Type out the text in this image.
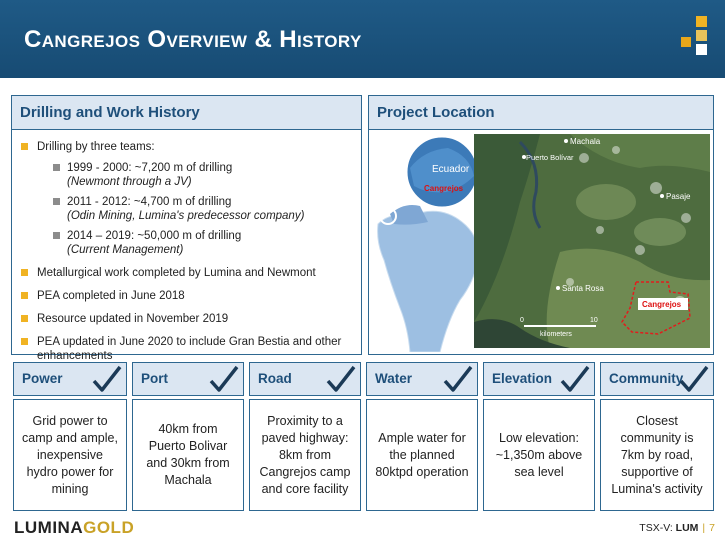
Cangrejos Overview & History
Drilling and Work History
Drilling by three teams:
1999 - 2000: ~7,200 m of drilling
(Newmont through a JV)
2011 - 2012: ~4,700 m of drilling
(Odin Mining, Lumina's predecessor company)
2014 – 2019: ~50,000 m of drilling
(Current Management)
Metallurgical work completed by Lumina and Newmont
PEA completed in June 2018
Resource updated in November 2019
PEA updated in June 2020 to include Gran Bestia and other enhancements
Project Location
Ecuador
Cangrejos
Machala
Puerto Bolívar
Pasaje
Santa Rosa
Cangrejos
0	10
kilometers
Power
Grid power to camp and ample, inexpensive hydro power for mining
Port
40km from Puerto Bolivar and 30km from Machala
Road
Proximity to a paved highway: 8km from Cangrejos camp and core facility
Water
Ample water for the planned 80ktpd operation
Elevation
Low elevation: ~1,350m above sea level
Community
Closest community is 7km by road, supportive of Lumina's activity
LUMINAGOLD	TSX-V: LUM | 7
